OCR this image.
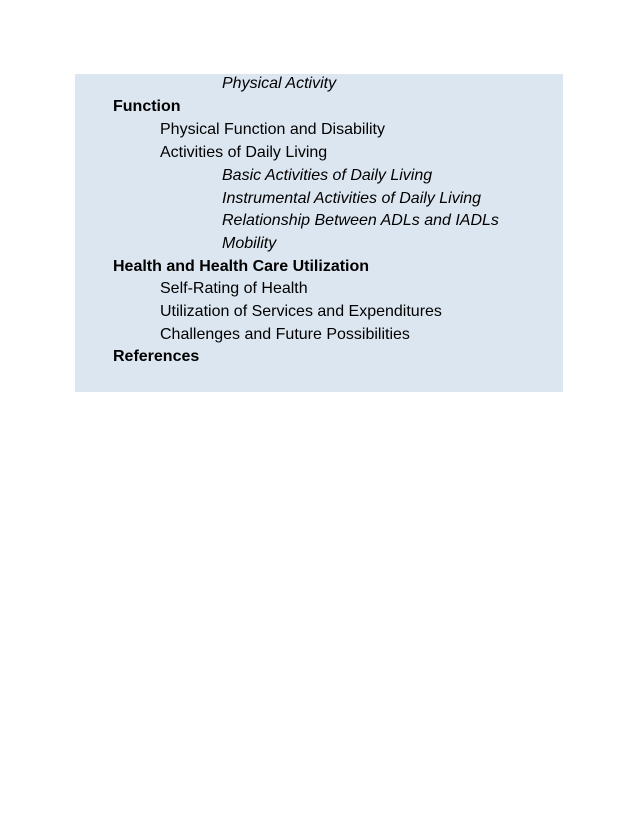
Physical Activity
Function
Physical Function and Disability
Activities of Daily Living
Basic Activities of Daily Living
Instrumental Activities of Daily Living
Relationship Between ADLs and IADLs
Mobility
Health and Health Care Utilization
Self-Rating of Health
Utilization of Services and Expenditures
Challenges and Future Possibilities
References
